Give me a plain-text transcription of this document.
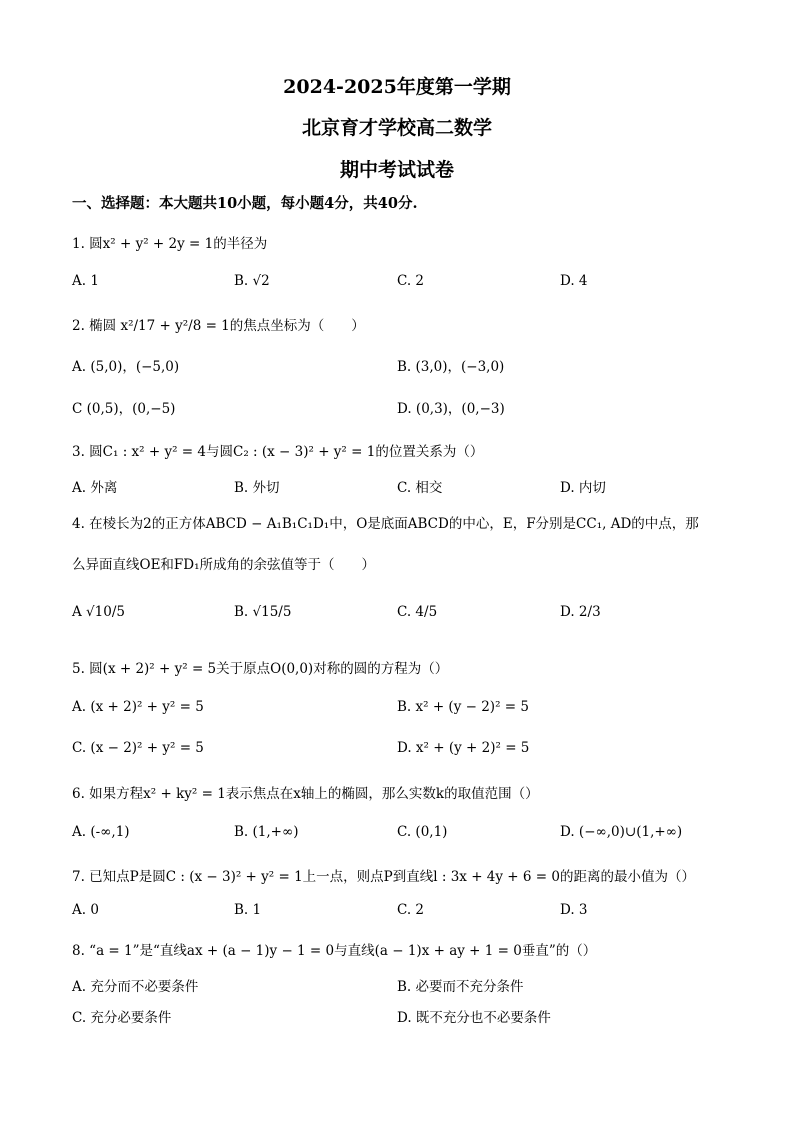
2024-2025年度第一学期
北京育才学校高二数学
期中考试试卷
一、选择题：本大题共10小题，每小题4分，共40分.
1. 圆x² + y² + 2y = 1的半径为
A. 1	B. √2	C. 2	D. 4
2. 椭圆 x²/17 + y²/8 = 1的焦点坐标为（　　）
A. (5,0)，(−5,0)	B. (3,0)，(−3,0)
C (0,5)，(0,−5)	D. (0,3)，(0,−3)
3. 圆C₁ : x² + y² = 4与圆C₂ : (x − 3)² + y² = 1的位置关系为（）
A. 外离	B. 外切	C. 相交	D. 内切
4. 在棱长为2的正方体ABCD − A₁B₁C₁D₁中，O是底面ABCD的中心，E，F分别是CC₁, AD的中点，那
么异面直线OE和FD₁所成角的余弦值等于（　　）
A √10/5	B. √15/5	C. 4/5	D. 2/3
5. 圆(x + 2)² + y² = 5关于原点O(0,0)对称的圆的方程为（）
A. (x + 2)² + y² = 5	B. x² + (y − 2)² = 5
C. (x − 2)² + y² = 5	D. x² + (y + 2)² = 5
6. 如果方程x² + ky² = 1表示焦点在x轴上的椭圆，那么实数k的取值范围（）
A. (-∞,1)	B. (1,+∞)	C. (0,1)	D. (−∞,0)∪(1,+∞)
7. 已知点P是圆C : (x − 3)² + y² = 1上一点，则点P到直线l : 3x + 4y + 6 = 0的距离的最小值为（）
A. 0	B. 1	C. 2	D. 3
8. “a = 1”是“直线ax + (a − 1)y − 1 = 0与直线(a − 1)x + ay + 1 = 0垂直”的（）
A. 充分而不必要条件	B. 必要而不充分条件
C. 充分必要条件	D. 既不充分也不必要条件
